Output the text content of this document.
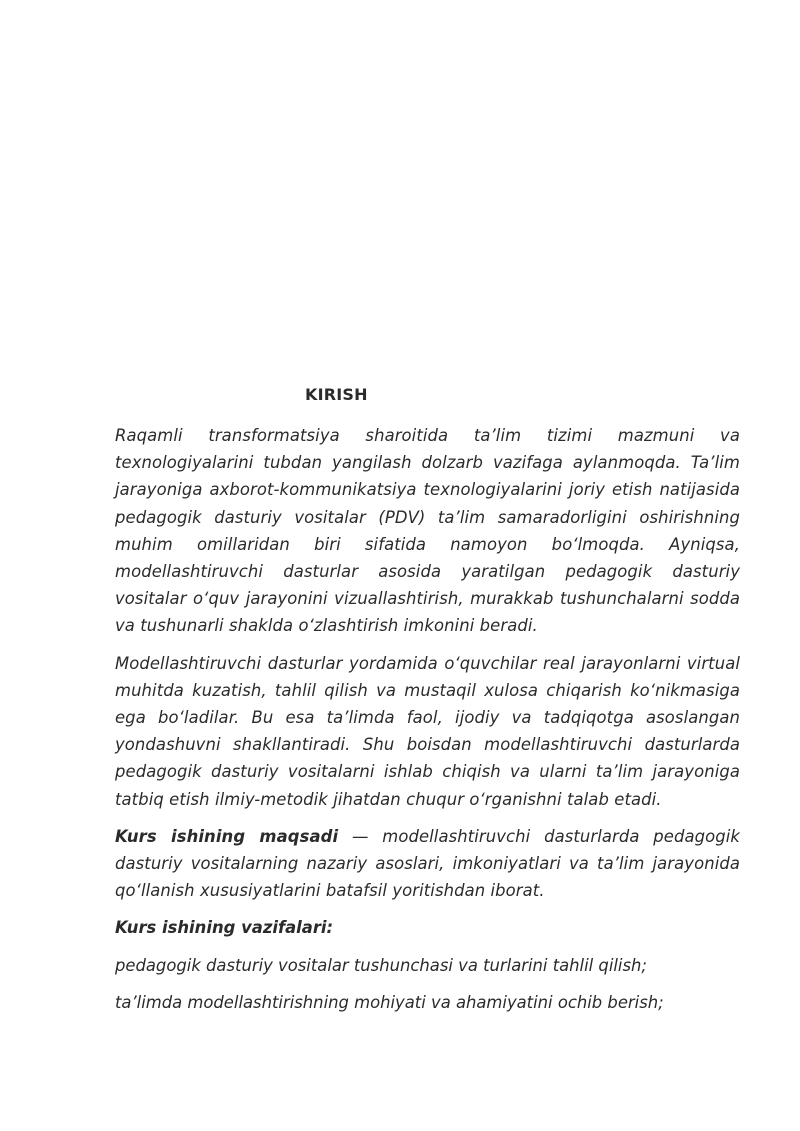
KIRISH

Raqamli transformatsiya sharoitida ta’lim tizimi mazmuni va texnologiyalarini tubdan yangilash dolzarb vazifaga aylanmoqda. Ta’lim jarayoniga axborot-kommunikatsiya texnologiyalarini joriy etish natijasida pedagogik dasturiy vositalar (PDV) ta’lim samaradorligini oshirishning muhim omillaridan biri sifatida namoyon bo‘lmoqda. Ayniqsa, modellashtiruvchi dasturlar asosida yaratilgan pedagogik dasturiy vositalar o‘quv jarayonini vizuallashtirish, murakkab tushunchalarni sodda va tushunarli shaklda o‘zlashtirish imkonini beradi.

Modellashtiruvchi dasturlar yordamida o‘quvchilar real jarayonlarni virtual muhitda kuzatish, tahlil qilish va mustaqil xulosa chiqarish ko‘nikmasiga ega bo‘ladilar. Bu esa ta’limda faol, ijodiy va tadqiqotga asoslangan yondashuvni shakllantiradi. Shu boisdan modellashtiruvchi dasturlarda pedagogik dasturiy vositalarni ishlab chiqish va ularni ta’lim jarayoniga tatbiq etish ilmiy-metodik jihatdan chuqur o‘rganishni talab etadi.

Kurs ishining maqsadi — modellashtiruvchi dasturlarda pedagogik dasturiy vositalarning nazariy asoslari, imkoniyatlari va ta’lim jarayonida qo‘llanish xususiyatlarini batafsil yoritishdan iborat.

Kurs ishining vazifalari:

pedagogik dasturiy vositalar tushunchasi va turlarini tahlil qilish;

ta’limda modellashtirishning mohiyati va ahamiyatini ochib berish;
